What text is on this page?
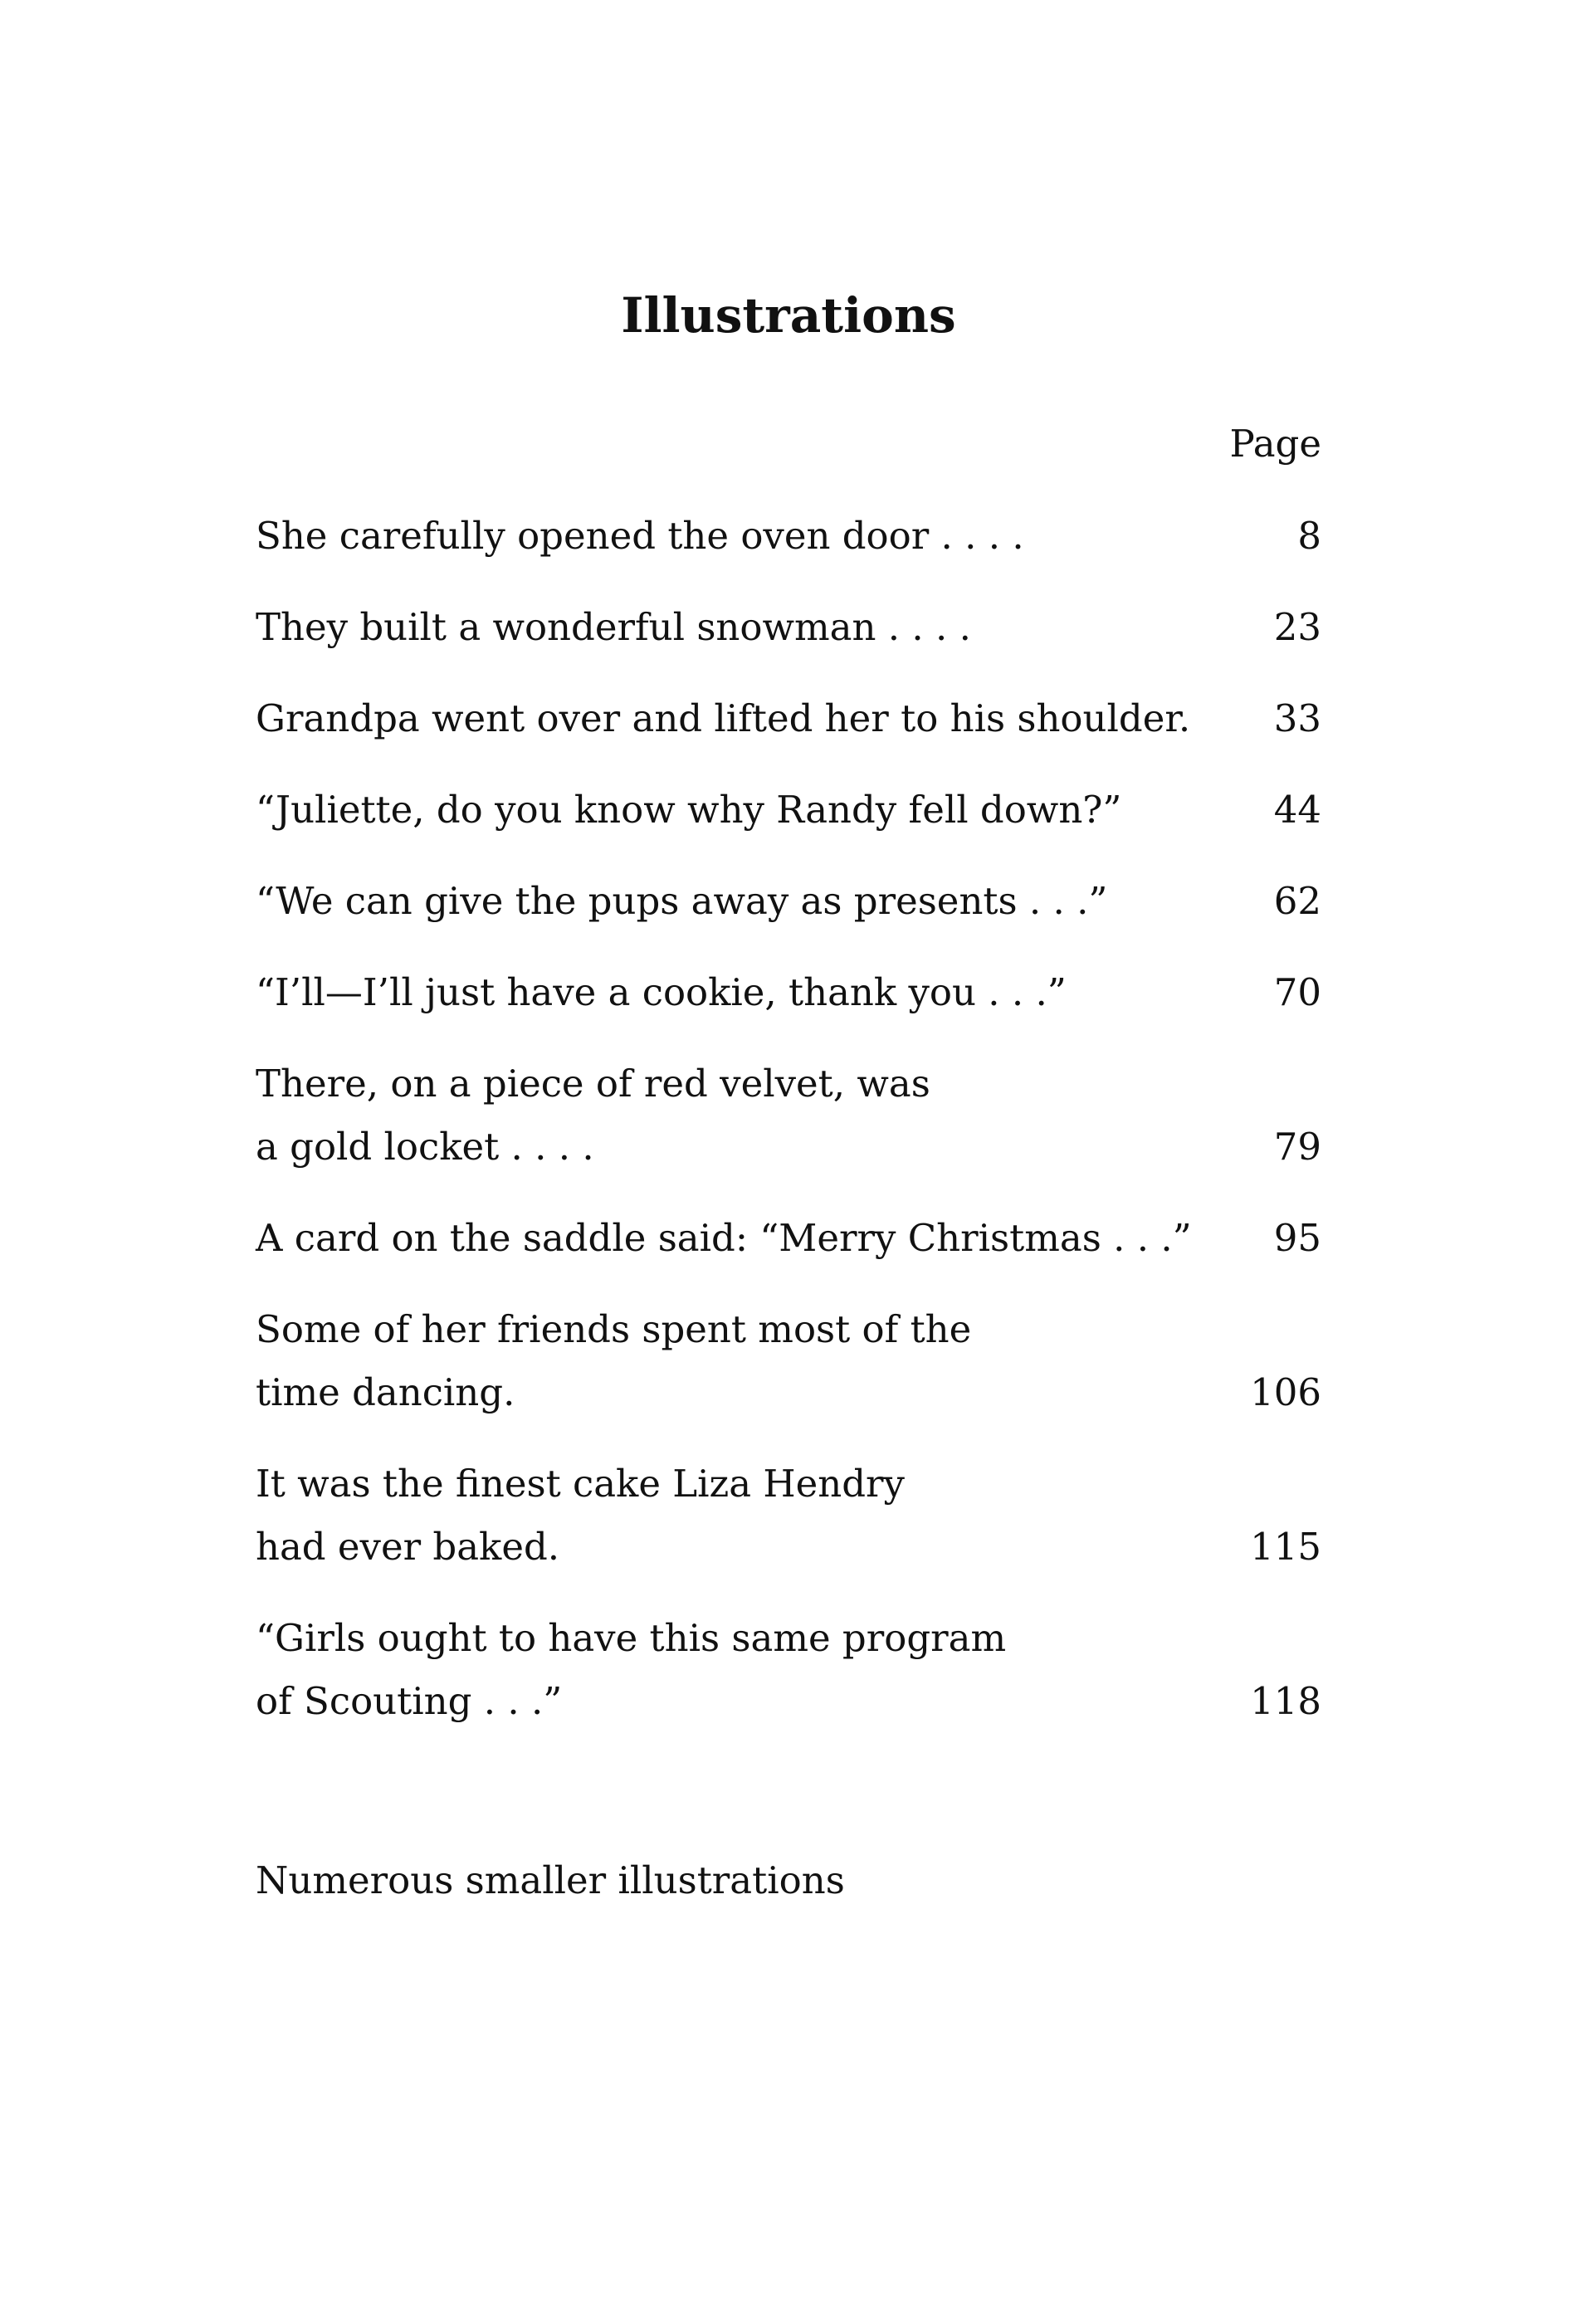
Illustrations
Page
She carefully opened the oven door . . . .	8
They built a wonderful snowman . . . .	23
Grandpa went over and lifted her to his shoulder. 33
“Juliette, do you know why Randy fell down?”	44
“We can give the pups away as presents . . .”	62
“I’ll—I’ll just have a cookie, thank you . . .”	70
There, on a piece of red velvet, was
a gold locket . . . .	79
A card on the saddle said: “Merry Christmas . . .” 95
Some of her friends spent most of the
time dancing.	106
It was the finest cake Liza Hendry
had ever baked.	115
“Girls ought to have this same program
of Scouting . . .”	118
Numerous smaller illustrations
